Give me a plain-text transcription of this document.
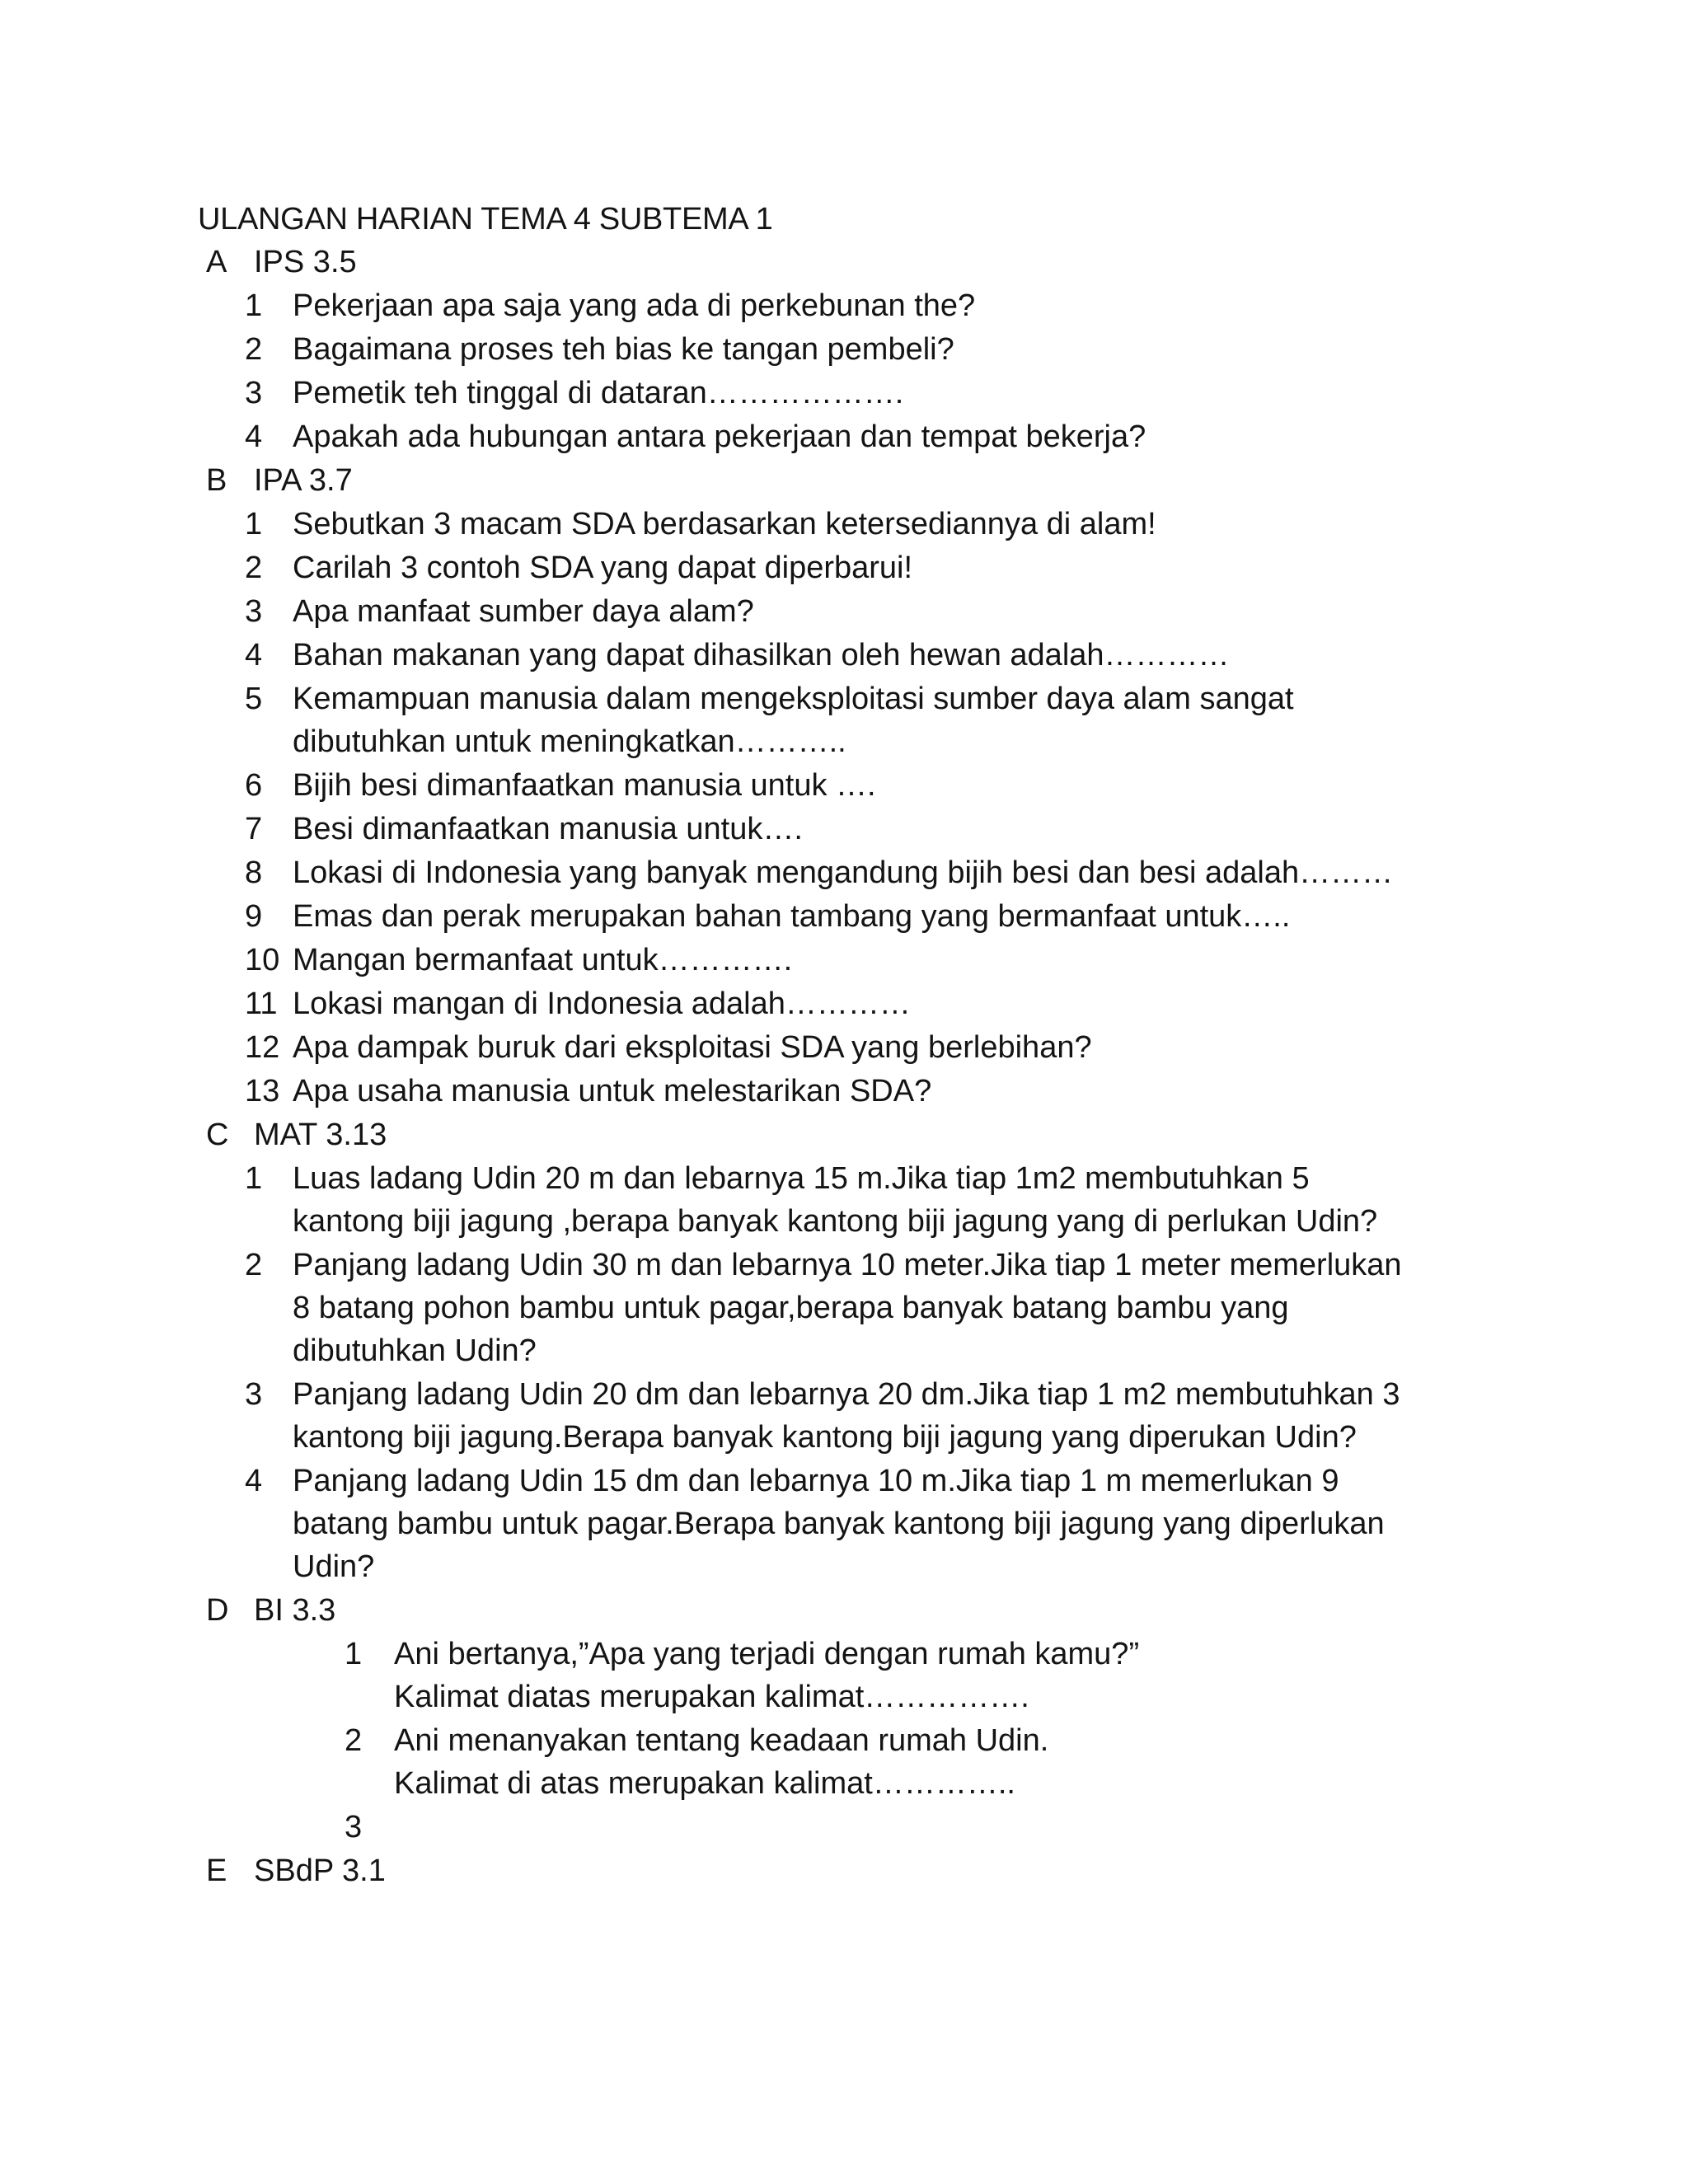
ULANGAN HARIAN TEMA 4 SUBTEMA 1
A IPS 3.5
1 Pekerjaan apa saja yang ada di perkebunan the?
2 Bagaimana proses teh bias ke tangan pembeli?
3 Pemetik teh tinggal di dataran……………….
4 Apakah ada hubungan antara pekerjaan dan tempat bekerja?
B IPA 3.7
1 Sebutkan 3 macam SDA berdasarkan ketersediannya di alam!
2 Carilah 3 contoh SDA yang dapat diperbarui!
3 Apa manfaat sumber daya alam?
4 Bahan makanan yang dapat dihasilkan oleh hewan adalah…………
5 Kemampuan manusia dalam mengeksploitasi sumber daya alam sangat
dibutuhkan untuk meningkatkan………..
6 Bijih besi dimanfaatkan manusia untuk ….
7 Besi dimanfaatkan manusia untuk….
8 Lokasi di Indonesia yang banyak mengandung bijih besi dan besi adalah………
9 Emas dan perak merupakan bahan tambang yang bermanfaat untuk…..
10 Mangan bermanfaat untuk………….
11 Lokasi mangan di Indonesia adalah…………
12 Apa dampak buruk dari eksploitasi SDA yang berlebihan?
13 Apa usaha manusia untuk melestarikan SDA?
C MAT 3.13
1 Luas ladang Udin 20 m dan lebarnya 15 m.Jika tiap 1m2 membutuhkan 5
kantong biji jagung ,berapa banyak kantong biji jagung yang di perlukan Udin?
2 Panjang ladang Udin 30 m dan lebarnya 10 meter.Jika tiap 1 meter memerlukan
8 batang pohon bambu untuk pagar,berapa banyak batang bambu yang
dibutuhkan Udin?
3 Panjang ladang Udin 20 dm dan lebarnya 20 dm.Jika tiap 1 m2 membutuhkan 3
kantong biji jagung.Berapa banyak kantong biji jagung yang diperukan Udin?
4 Panjang ladang Udin 15 dm dan lebarnya 10 m.Jika tiap 1 m memerlukan 9
batang bambu untuk pagar.Berapa banyak kantong biji jagung yang diperlukan
Udin?
D BI 3.3
1	Ani bertanya,”Apa yang terjadi dengan rumah kamu?”
Kalimat diatas merupakan kalimat…………….
2	Ani menanyakan tentang keadaan rumah Udin.
Kalimat di atas merupakan kalimat…………..
3
E SBdP 3.1
